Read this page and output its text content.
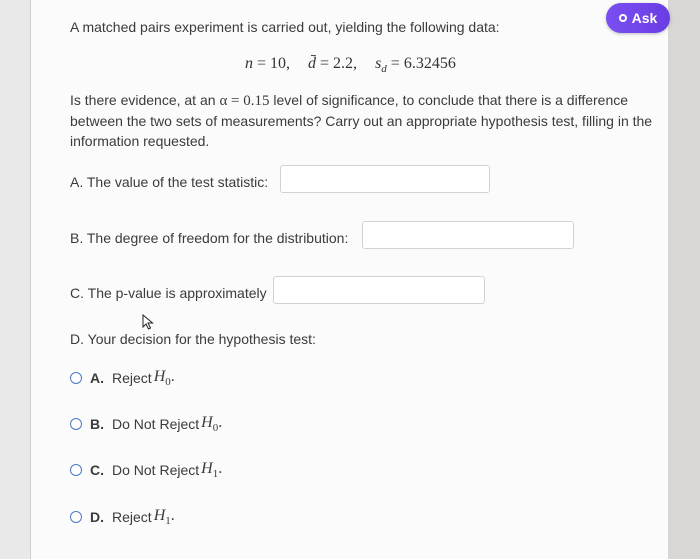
Ask
A matched pairs experiment is carried out, yielding the following data:
n = 10, d̄ = 2.2, $s_d = 6.32456$
Is there evidence, at an α = 0.15 level of significance, to conclude that there is a difference between the two sets of measurements? Carry out an appropriate hypothesis test, filling in the information requested.
A. The value of the test statistic:
B. The degree of freedom for the distribution:
C. The p-value is approximately
D. Your decision for the hypothesis test:
A. Reject $H_0$.
B. Do Not Reject $H_0$.
C. Do Not Reject $H_1$.
D. Reject $H_1$.
